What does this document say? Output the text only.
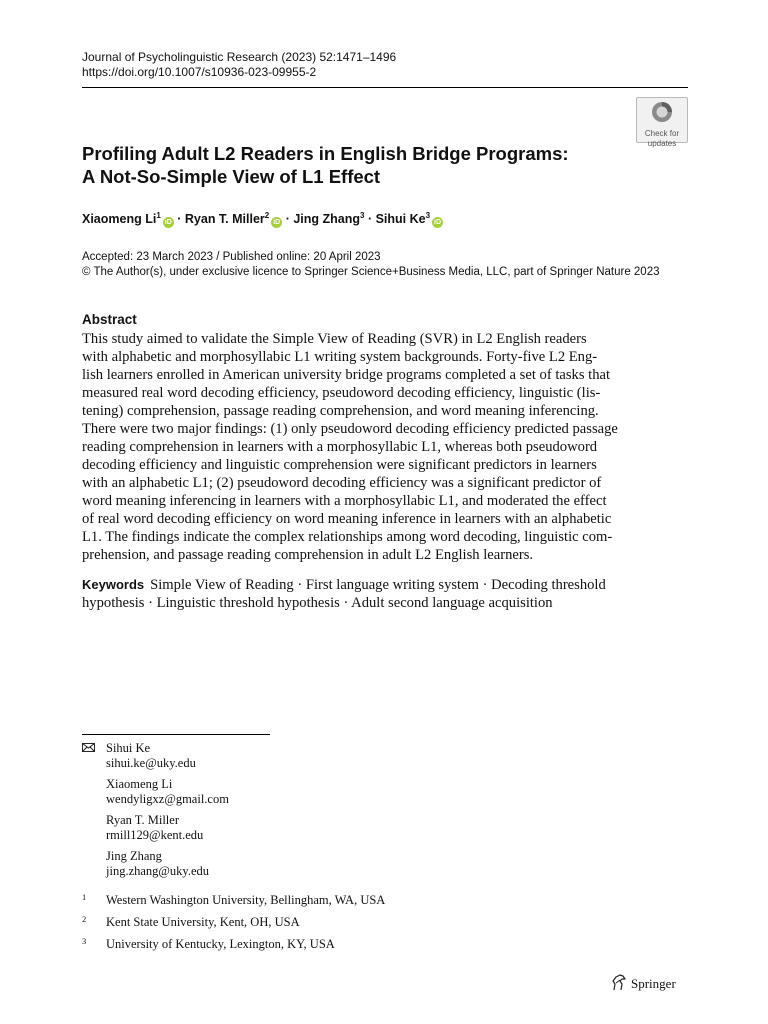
Journal of Psycholinguistic Research (2023) 52:1471–1496
https://doi.org/10.1007/s10936-023-09955-2
Check for
updates
Profiling Adult L2 Readers in English Bridge Programs:
A Not-So-Simple View of L1 Effect
Xiaomeng $Li^1iD$ · Ryan T. Miller$^2$iD · Jing Zhang$^3$ · Sihui Ke$^3$iD
Accepted: 23 March 2023 / Published online: 20 April 2023
© The Author(s), under exclusive licence to Springer Science+Business Media, LLC, part of Springer Nature 2023
Abstract
This study aimed to validate the Simple View of Reading (SVR) in L2 English readers
with alphabetic and morphosyllabic L1 writing system backgrounds. Forty-five L2 Eng-
lish learners enrolled in American university bridge programs completed a set of tasks that
measured real word decoding efficiency, pseudoword decoding efficiency, linguistic (lis-
tening) comprehension, passage reading comprehension, and word meaning inferencing.
There were two major findings: (1) only pseudoword decoding efficiency predicted passage
reading comprehension in learners with a morphosyllabic L1, whereas both pseudoword
decoding efficiency and linguistic comprehension were significant predictors in learners
with an alphabetic L1; (2) pseudoword decoding efficiency was a significant predictor of
word meaning inferencing in learners with a morphosyllabic L1, and moderated the effect
of real word decoding efficiency on word meaning inference in learners with an alphabetic
L1. The findings indicate the complex relationships among word decoding, linguistic com-
prehension, and passage reading comprehension in adult L2 English learners.
Keywords Simple View of Reading · First language writing system · Decoding threshold
hypothesis · Linguistic threshold hypothesis · Adult second language acquisition
Sihui Ke
sihui.ke@uky.edu
Xiaomeng Li
wendyligxz@gmail.com
Ryan T. Miller
rmill129@kent.edu
Jing Zhang
jing.zhang@uky.edu
1 Western Washington University, Bellingham, WA, USA
2 Kent State University, Kent, OH, USA
3 University of Kentucky, Lexington, KY, USA
Springer
